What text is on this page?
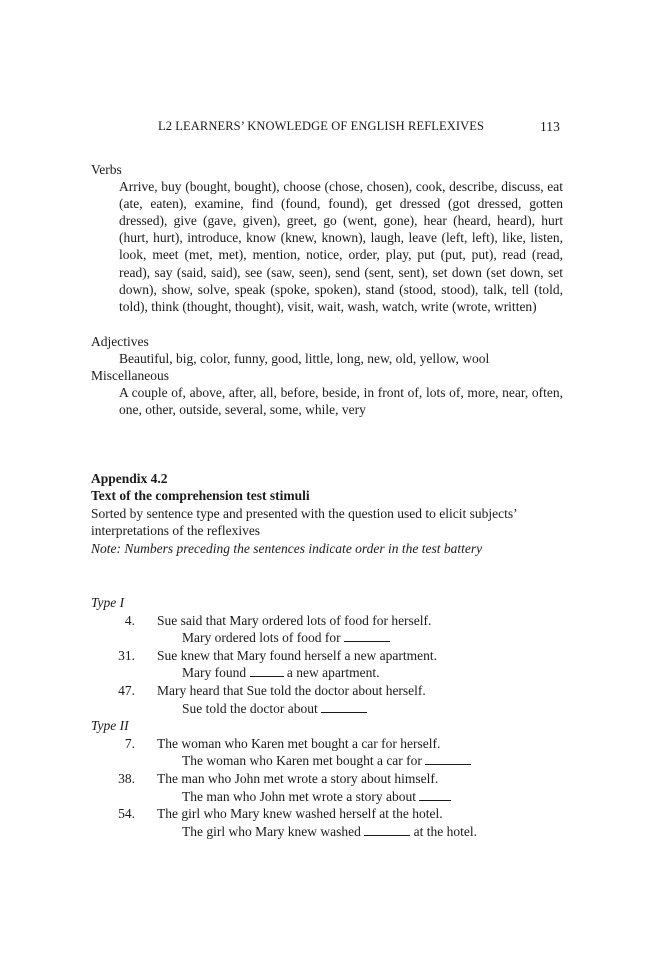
L2 LEARNERS’ KNOWLEDGE OF ENGLISH REFLEXIVES	113
Verbs
Arrive, buy (bought, bought), choose (chose, chosen), cook, describe, discuss, eat (ate, eaten), examine, find (found, found), get dressed (got dressed, gotten dressed), give (gave, given), greet, go (went, gone), hear (heard, heard), hurt (hurt, hurt), introduce, know (knew, known), laugh, leave (left, left), like, listen, look, meet (met, met), mention, notice, order, play, put (put, put), read (read, read), say (said, said), see (saw, seen), send (sent, sent), set down (set down, set down), show, solve, speak (spoke, spoken), stand (stood, stood), talk, tell (told, told), think (thought, thought), visit, wait, wash, watch, write (wrote, written)
Adjectives
Beautiful, big, color, funny, good, little, long, new, old, yellow, wool
Miscellaneous
A couple of, above, after, all, before, beside, in front of, lots of, more, near, often, one, other, outside, several, some, while, very
Appendix 4.2
Text of the comprehension test stimuli
Sorted by sentence type and presented with the question used to elicit subjects’ interpretations of the reflexives
Note: Numbers preceding the sentences indicate order in the test battery
Type I
4. Sue said that Mary ordered lots of food for herself.
Mary ordered lots of food for
31. Sue knew that Mary found herself a new apartment.
Mary found	a new apartment.
47. Mary heard that Sue told the doctor about herself.
Sue told the doctor about
Type II
7. The woman who Karen met bought a car for herself.
The woman who Karen met bought a car for
38. The man who John met wrote a story about himself.
The man who John met wrote a story about
54. The girl who Mary knew washed herself at the hotel.
The girl who Mary knew washed	at the hotel.
